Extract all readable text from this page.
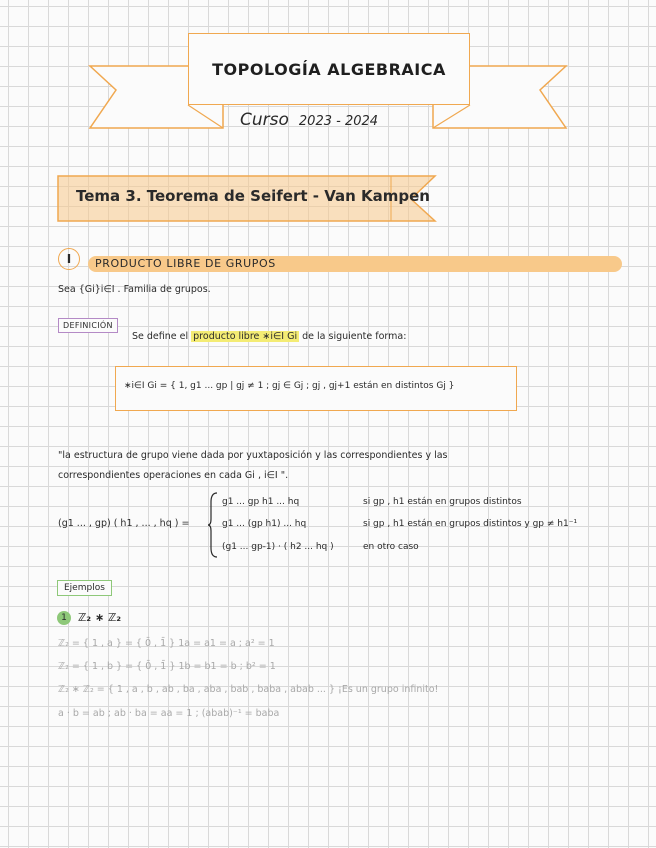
TOPOLOGÍA ALGEBRAICA
Curso 2023 - 2024
Tema 3. Teorema de Seifert - Van Kampen
I	PRODUCTO LIBRE DE GRUPOS
Sea {Gi}i∈I . Familia de grupos.
DEFINICIÓN
Se define el producto libre ∗i∈I Gi de la siguiente forma:
∗i∈I Gi = { 1, g1 ... gp | gj ≠ 1 ; gj ∈ Gj ; gj , gj+1 están en distintos Gj }
"la estructura de grupo viene dada por yuxtaposición y las correspondientes y las
correspondientes operaciones en cada Gi , i∈I ".
(g1 ... , gp) ( h1 , ... , hq ) =
g1 ... gp h1 ... hq	si gp , h1 están en grupos distintos
g1 ... (gp h1) ... hq	si gp , h1 están en grupos distintos y gp ≠ h1⁻¹
(g1 ... gp-1) · ( h2 ... hq )	en otro caso
Ejemplos
1	ℤ₂ ∗ ℤ₂
ℤ₂ = { 1 , a } = { 0̄ , 1̄ } 1a = a1 = a ; a² = 1
ℤ₂ = { 1 , b } = { 0̄ , 1̄ } 1b = b1 = b ; b² = 1
ℤ₂ ∗ ℤ₂ = { 1 , a , b , ab , ba , aba , bab , baba , abab ... } ¡Es un grupo infinito!
a · b = ab ; ab · ba = aa = 1 ; (abab)⁻¹ = baba
